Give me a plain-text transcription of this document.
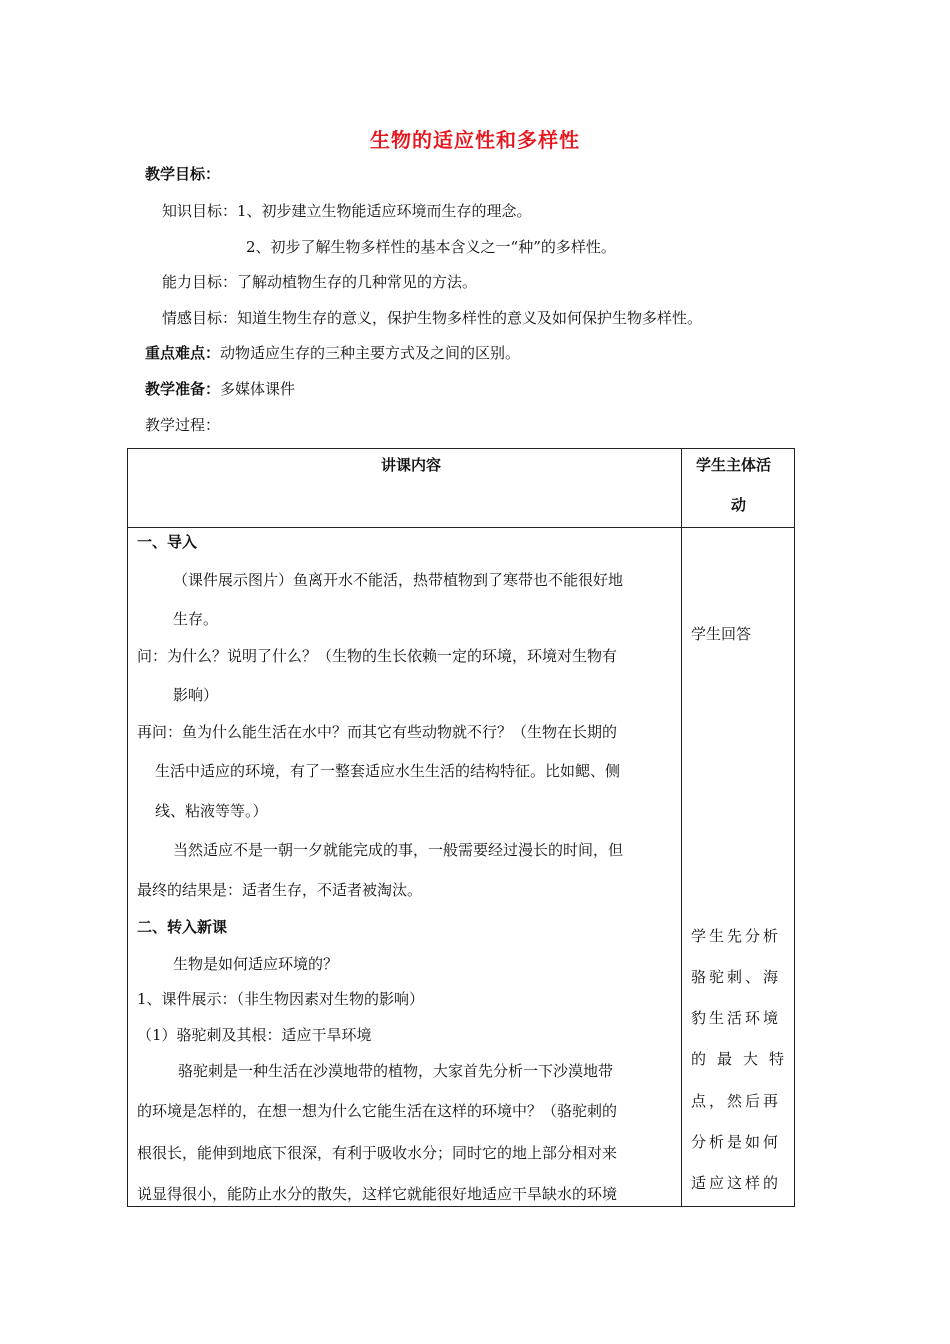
生物的适应性和多样性
教学目标：
知识目标：1、初步建立生物能适应环境而生存的理念。
2、初步了解生物多样性的基本含义之一“种”的多样性。
能力目标：了解动植物生存的几种常见的方法。
情感目标：知道生物生存的意义，保护生物多样性的意义及如何保护生物多样性。
重点难点：动物适应生存的三种主要方式及之间的区别。
教学准备：多媒体课件
教学过程：
讲课内容	学生主体活
动
一、导入
（课件展示图片）鱼离开水不能活，热带植物到了寒带也不能很好地
生存。
问：为什么？说明了什么？（生物的生长依赖一定的环境，环境对生物有
影响）
再问：鱼为什么能生活在水中？而其它有些动物就不行？（生物在长期的
生活中适应的环境，有了一整套适应水生生活的结构特征。比如鳃、侧
线、粘液等等。）
当然适应不是一朝一夕就能完成的事，一般需要经过漫长的时间，但
最终的结果是：适者生存，不适者被淘汰。
二、转入新课
生物是如何适应环境的？
1、课件展示：（非生物因素对生物的影响）
（1）骆驼刺及其根：适应干旱环境
骆驼刺是一种生活在沙漠地带的植物，大家首先分析一下沙漠地带
的环境是怎样的，在想一想为什么它能生活在这样的环境中？（骆驼刺的
根很长，能伸到地底下很深，有利于吸收水分；同时它的地上部分相对来
说显得很小，能防止水分的散失，这样它就能很好地适应干旱缺水的环境
学生回答
学生先分析
骆驼刺、海
豹生活环境
的最大特
点，然后再
分析是如何
适应这样的
